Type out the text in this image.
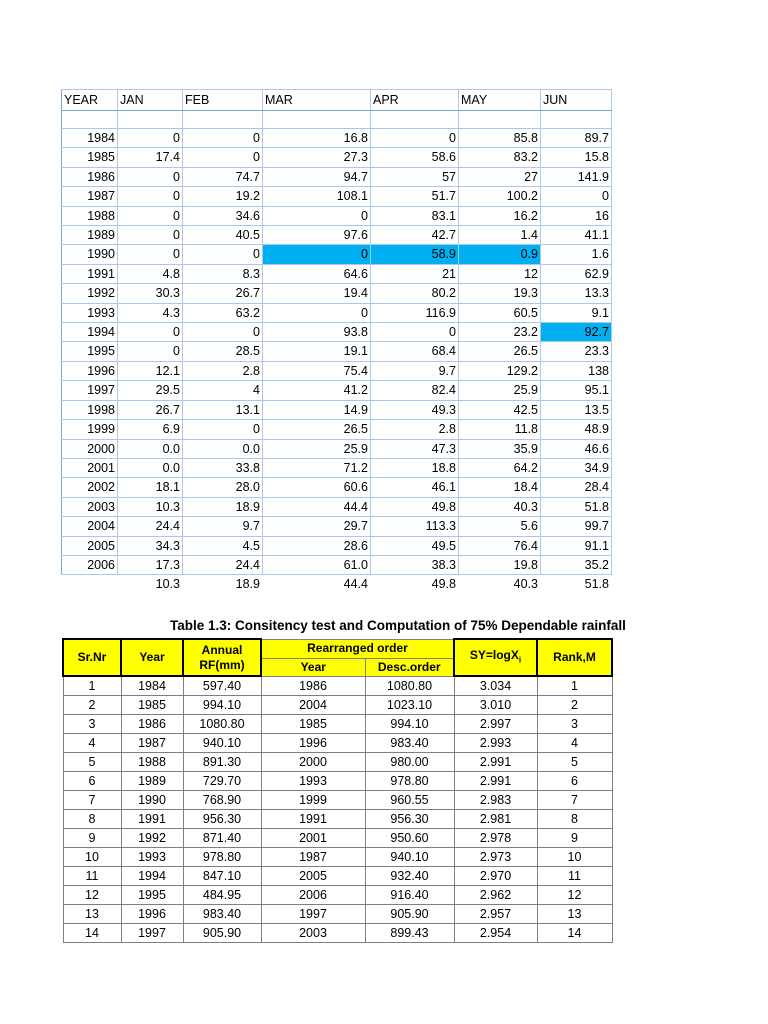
YEAR	JAN	FEB	MAR	APR	MAY	JUN

1984	0	0	16.8	0	85.8	89.7
1985	17.4	0	27.3	58.6	83.2	15.8
1986	0	74.7	94.7	57	27	141.9
1987	0	19.2	108.1	51.7	100.2	0
1988	0	34.6	0	83.1	16.2	16
1989	0	40.5	97.6	42.7	1.4	41.1
1990	0	0	0	58.9	0.9	1.6
1991	4.8	8.3	64.6	21	12	62.9
1992	30.3	26.7	19.4	80.2	19.3	13.3
1993	4.3	63.2	0	116.9	60.5	9.1
1994	0	0	93.8	0	23.2	92.7
1995	0	28.5	19.1	68.4	26.5	23.3
1996	12.1	2.8	75.4	9.7	129.2	138
1997	29.5	4	41.2	82.4	25.9	95.1
1998	26.7	13.1	14.9	49.3	42.5	13.5
1999	6.9	0	26.5	2.8	11.8	48.9
2000	0.0	0.0	25.9	47.3	35.9	46.6
2001	0.0	33.8	71.2	18.8	64.2	34.9
2002	18.1	28.0	60.6	46.1	18.4	28.4
2003	10.3	18.9	44.4	49.8	40.3	51.8
2004	24.4	9.7	29.7	113.3	5.6	99.7
2005	34.3	4.5	28.6	49.5	76.4	91.1
2006	17.3	24.4	61.0	38.3	19.8	35.2
	10.3	18.9	44.4	49.8	40.3	51.8
Table 1.3: Consitency test and Computation of 75% Dependable rainfall
Sr.Nr	Year	Annual RF(mm)	Rearranged order		SY=logX$_i$	Rank,M
			Year	Desc.order		
1	1984	597.40	1986	1080.80	3.034	1
2	1985	994.10	2004	1023.10	3.010	2
3	1986	1080.80	1985	994.10	2.997	3
4	1987	940.10	1996	983.40	2.993	4
5	1988	891.30	2000	980.00	2.991	5
6	1989	729.70	1993	978.80	2.991	6
7	1990	768.90	1999	960.55	2.983	7
8	1991	956.30	1991	956.30	2.981	8
9	1992	871.40	2001	950.60	2.978	9
10	1993	978.80	1987	940.10	2.973	10
11	1994	847.10	2005	932.40	2.970	11
12	1995	484.95	2006	916.40	2.962	12
13	1996	983.40	1997	905.90	2.957	13
14	1997	905.90	2003	899.43	2.954	14
